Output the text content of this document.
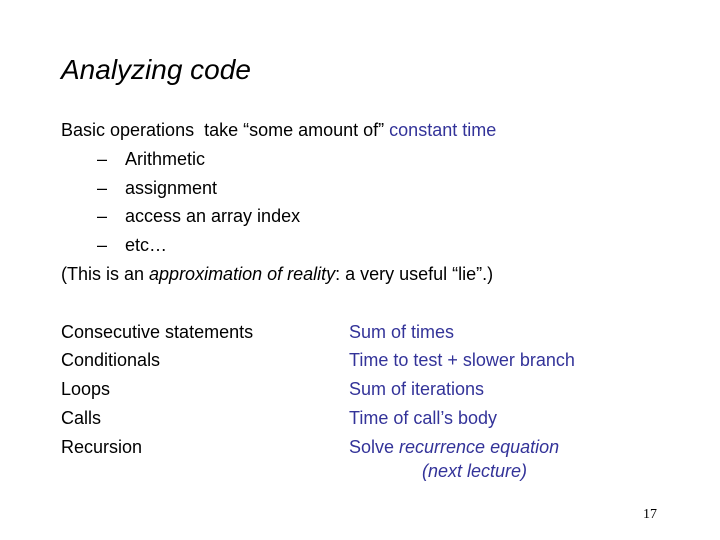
Analyzing code
Basic operations  take “some amount of” constant time
– Arithmetic
– assignment
– access an array index
– etc…
(This is an approximation of reality: a very useful “lie”.)
Consecutive statements
Conditionals
Loops
Calls
Recursion
Sum of times
Time to test + slower branch
Sum of iterations
Time of call’s body
Solve recurrence equation
(next lecture)
17
